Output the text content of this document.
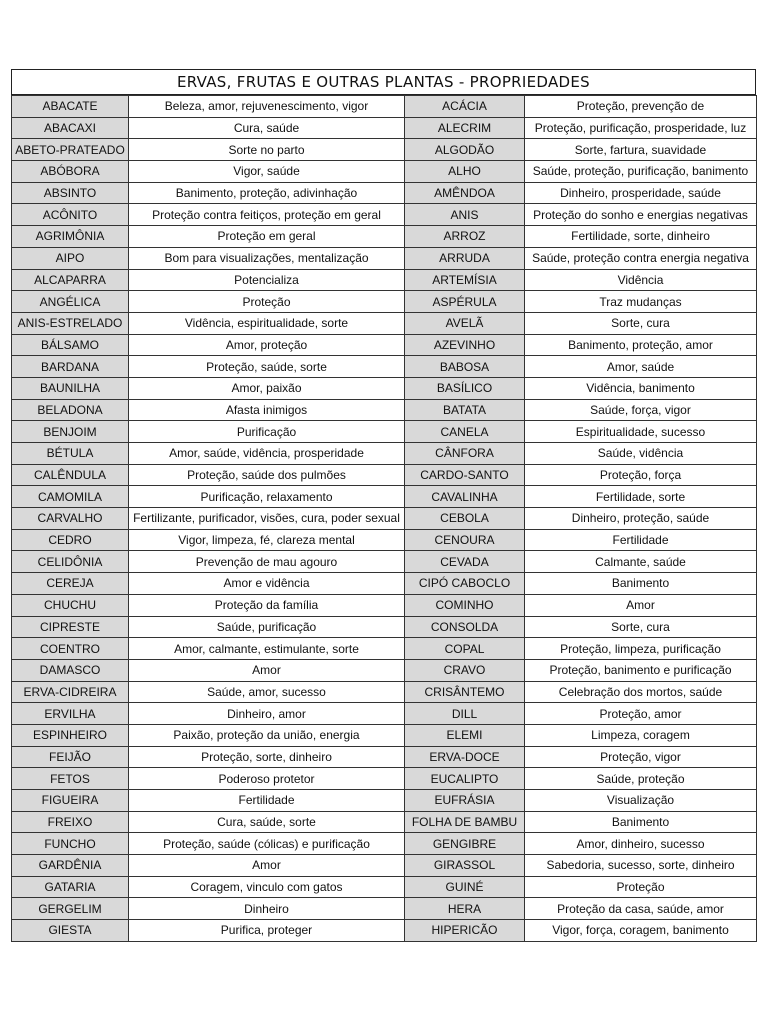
ERVAS, FRUTAS E OUTRAS PLANTAS - PROPRIEDADES
ABACATE	Beleza, amor, rejuvenescimento, vigor	ACÁCIA	Proteção, prevenção de
ABACAXI	Cura, saúde	ALECRIM	Proteção, purificação, prosperidade, luz
ABETO-PRATEADO	Sorte no parto	ALGODÃO	Sorte, fartura, suavidade
ABÓBORA	Vigor, saúde	ALHO	Saúde, proteção, purificação, banimento
ABSINTO	Banimento, proteção, adivinhação	AMÊNDOA	Dinheiro, prosperidade, saúde
ACÔNITO	Proteção contra feitiços, proteção em geral	ANIS	Proteção do sonho e energias negativas
AGRIMÔNIA	Proteção em geral	ARROZ	Fertilidade, sorte, dinheiro
AIPO	Bom para visualizações, mentalização	ARRUDA	Saúde, proteção contra energia negativa
ALCAPARRA	Potencializa	ARTEMÍSIA	Vidência
ANGÉLICA	Proteção	ASPÉRULA	Traz mudanças
ANIS-ESTRELADO	Vidência, espiritualidade, sorte	AVELÃ	Sorte, cura
BÁLSAMO	Amor, proteção	AZEVINHO	Banimento, proteção, amor
BARDANA	Proteção, saúde, sorte	BABOSA	Amor, saúde
BAUNILHA	Amor, paixão	BASÍLICO	Vidência, banimento
BELADONA	Afasta inimigos	BATATA	Saúde, força, vigor
BENJOIM	Purificação	CANELA	Espiritualidade, sucesso
BÉTULA	Amor, saúde, vidência, prosperidade	CÂNFORA	Saúde, vidência
CALÊNDULA	Proteção, saúde dos pulmões	CARDO-SANTO	Proteção, força
CAMOMILA	Purificação, relaxamento	CAVALINHA	Fertilidade, sorte
CARVALHO	Fertilizante, purificador, visões, cura, poder sexual	CEBOLA	Dinheiro, proteção, saúde
CEDRO	Vigor, limpeza, fé, clareza mental	CENOURA	Fertilidade
CELIDÔNIA	Prevenção de mau agouro	CEVADA	Calmante, saúde
CEREJA	Amor e vidência	CIPÓ CABOCLO	Banimento
CHUCHU	Proteção da família	COMINHO	Amor
CIPRESTE	Saúde, purificação	CONSOLDA	Sorte, cura
COENTRO	Amor, calmante, estimulante, sorte	COPAL	Proteção, limpeza, purificação
DAMASCO	Amor	CRAVO	Proteção, banimento e purificação
ERVA-CIDREIRA	Saúde, amor, sucesso	CRISÂNTEMO	Celebração dos mortos, saúde
ERVILHA	Dinheiro, amor	DILL	Proteção, amor
ESPINHEIRO	Paixão, proteção da união, energia	ELEMI	Limpeza, coragem
FEIJÃO	Proteção, sorte, dinheiro	ERVA-DOCE	Proteção, vigor
FETOS	Poderoso protetor	EUCALIPTO	Saúde, proteção
FIGUEIRA	Fertilidade	EUFRÁSIA	Visualização
FREIXO	Cura, saúde, sorte	FOLHA DE BAMBU	Banimento
FUNCHO	Proteção, saúde (cólicas) e purificação	GENGIBRE	Amor, dinheiro, sucesso
GARDÊNIA	Amor	GIRASSOL	Sabedoria, sucesso, sorte, dinheiro
GATARIA	Coragem, vinculo com gatos	GUINÉ	Proteção
GERGELIM	Dinheiro	HERA	Proteção da casa, saúde, amor
GIESTA	Purifica, proteger	HIPERICÃO	Vigor, força, coragem, banimento
